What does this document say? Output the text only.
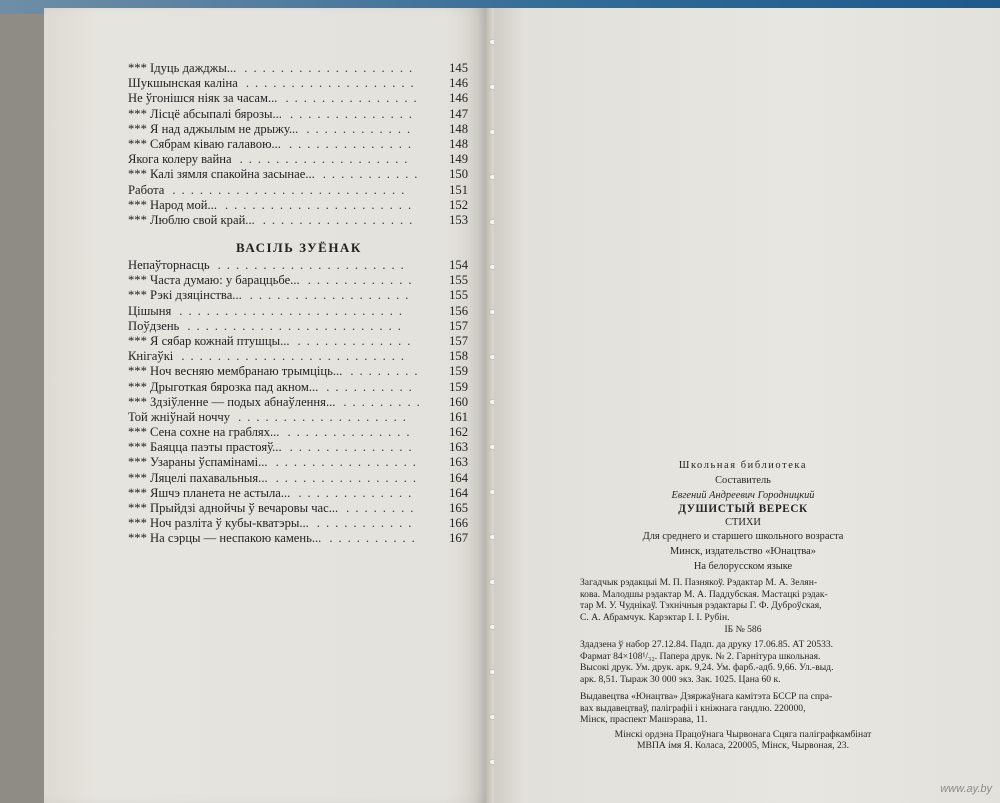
*** Ідуць дажджы... ................... 145
Шукшынская каліна ................... 146
Не ўгонішся ніяк за часам... ............... 146
*** Лісцё абсыпалі бярозы... .............. 147
*** Я над аджылым не дрыжу... ............	148
*** Сябрам ківаю галавою... ..............	148
Якога колеру вайна ...................	149
*** Калі зямля спакойна засынае... ........... 150
Работа ..........................	151
*** Народ мой... .....................	152
*** Люблю свой край... ................. 153
ВАСІЛЬ ЗУЁНАК
Непаўторнасць .....................	154
*** Часта думаю: у бараццьбе... ............	155
*** Рэкі дзяцінства... ..................	155
Цішыня .........................	156
Поўдзень ........................	157
*** Я сябар кожнай птушцы... .............	157
Кнігаўкі .........................	158
*** Ноч весняю мембранаю трымціць... ........ 159
*** Дрыготкая бярозка пад акном... .......... 159
*** Здзіўленне — подых абнаўлення... ......... 160
Той жніўнай ноччу ...................	161
*** Сена сохне на граблях... ..............	162
*** Баяцца паэты прастояў... .............. 163
*** Узараны ўспамінамі... ................ 163
*** Ляцелі пахавальныя... ................ 164
*** Яшчэ планета не астыла... .............	164
*** Прыйдзі аднойчы ў вечаровы час... ........ 165
*** Ноч разліта ў кубы-кватэры... ...........	166
*** На сэрцы — неспакою камень... .......... 167
Школьная библиотека
Составитель
Евгений Андреевич Городницкий
ДУШИСТЫЙ ВЕРЕСК
СТИХИ
Для среднего и старшего школьного возраста
Минск, издательство «Юнацтва»
На белорусском языке
Загадчык рэдакцыі М. П. Пазнякоў. Рэдактар М. А. Зелян-
кова. Малодшы рэдактар М. А. Паддубская. Мастацкі рэдак-
тар М. У. Чуднікаў. Тэхнічныя рэдактары Г. Ф. Дуброўская,
С. А. Абрамчук. Карэктар І. І. Рубін.
ІБ № 586
Здадзена ў набор 27.12.84. Падп. да друку 17.06.85. АТ 20533.
Фармат 84×108¹/₃₂. Папера друк. № 2. Гарнітура школьная.
Высокі друк. Ум. друк. арк. 9,24. Ум. фарб.-адб. 9,66. Ул.-выд.
арк. 8,51. Тыраж 30 000 экз. Зак. 1025. Цана 60 к.
Выдавецтва «Юнацтва» Дзяржаўнага камітэта БССР па спра-
вах выдавецтваў, паліграфіі і кніжнага гандлю. 220000,
Мінск, праспект Машэрава, 11.
Мінскі ордэна Працоўнага Чырвонага Сцяга паліграфкамбінат
МВПА імя Я. Коласа, 220005, Мінск, Чырвоная, 23.
www.ay.by
